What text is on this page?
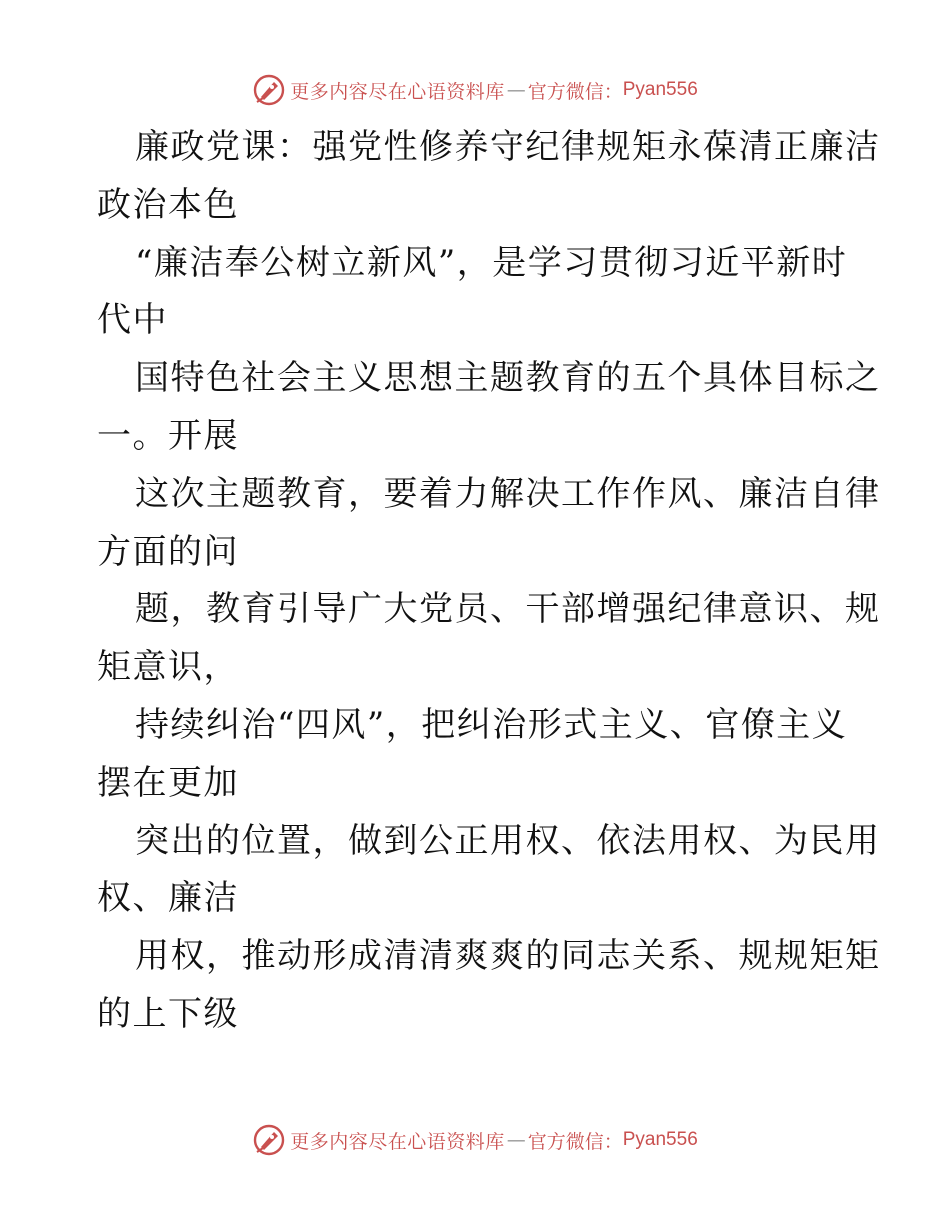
更多内容尽在心语资料库 — 官方微信： Pyan556
廉政党课：强党性修养守纪律规矩永葆清正廉洁
政治本色
“廉洁奉公树立新风”，是学习贯彻习近平新时
代中
国特色社会主义思想主题教育的五个具体目标之
一。开展
这次主题教育，要着力解决工作作风、廉洁自律
方面的问
题，教育引导广大党员、干部增强纪律意识、规
矩意识，
持续纠治“四风”，把纠治形式主义、官僚主义
摆在更加
突出的位置，做到公正用权、依法用权、为民用
权、廉洁
用权，推动形成清清爽爽的同志关系、规规矩矩
的上下级
更多内容尽在心语资料库 — 官方微信： Pyan556
